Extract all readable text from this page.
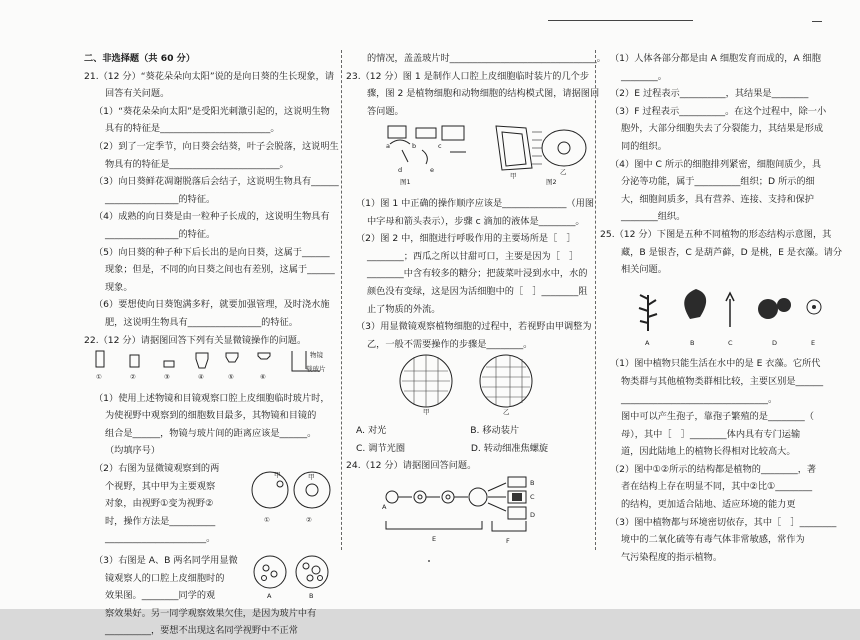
二、非选择题（共 60 分）

21.（12 分）“葵花朵朵向太阳”说的是向日葵的生长现象，请

回答有关问题。

（1）“葵花朵朵向太阳”是受阳光刺激引起的，这说明生物

具有的特征是________________________。

（2）到了一定季节，向日葵会结葵，叶子会脱落，这说明生

物具有的特征是________________________。

（3）向日葵鲜花凋谢脱落后会结子，这说明生物具有______

________________的特征。

（4）成熟的向日葵是由一粒种子长成的，这说明生物具有

________________的特征。

（5）向日葵的种子种下后长出的是向日葵，这属于______

现象；但是，不同的向日葵之间也有差别，这属于______

现象。

（6）要想使向日葵饱满多籽，就要加强管理，及时浇水施

肥，这说明生物具有________________的特征。

22.（12 分）请据图回答下列有关显微镜操作的问题。

①	②	③	④	⑤	⑥
物镜
载玻片

（1）使用上述物镜和目镜观察口腔上皮细胞临时玻片时，

为使视野中观察到的细胞数目最多，其物镜和目镜的

组合是______，物镜与玻片间的距离应该是______。

（均填序号）

（2）右图为显微镜观察到的两

个视野，其中甲为主要观察

对象，由视野①变为视野②

时，操作方法是__________

______________________。

①	②
甲	甲

（3）右图是 A、B 两名同学用显微

镜观察人的口腔上皮细胞时的

效果图。________同学的观

察效果好。另一同学观察效果欠佳，是因为玻片中有

__________，要想不出现这名同学视野中不正常

A	B

的情况，盖盖玻片时________________________________。

23.（12 分）图 1 是制作人口腔上皮细胞临时装片的几个步

骤，图 2 是植物细胞和动物细胞的结构模式图，请据图回

答问题。

图1	图2
a	b	c
d	e
甲	乙

（1）图 1 中正确的操作顺序应该是______________（用图

中字母和箭头表示），步骤 c 滴加的液体是________。

（2）图 2 中，细胞进行呼吸作用的主要场所是［　］

________；西瓜之所以甘甜可口，主要是因为［　］

________中含有较多的糖分；把菠菜叶浸到水中，水的

颜色没有变绿，这是因为活细胞中的［　］________阻

止了物质的外流。

（3）用显微镜观察植物细胞的过程中，若视野由甲调整为

乙，一般不需要操作的步骤是________。

甲	乙

A. 对光	B. 移动装片

C. 调节光圈	D. 转动细准焦螺旋

24.（12 分）请据图回答问题。

A
B
C
D
E	F

（1）人体各部分都是由 A 细胞发育而成的，A 细胞

________。

（2）E 过程表示__________，其结果是________

（3）F 过程表示__________。在这个过程中，除一小

胞外，大部分细胞失去了分裂能力，其结果是形成

同的组织。

（4）图中 C 所示的细胞排列紧密，细胞间质少，具

分泌等功能，属于__________组织；D 所示的细

大，细胞间质多，具有营养、连接、支持和保护

________组织。

25.（12 分）下图是五种不同植物的形态结构示意图，其

藏，B 是银杏，C 是葫芦藓，D 是桃，E 是衣藻。请分

相关问题。

A	B	C	D	E

（1）图中植物只能生活在水中的是 E 衣藻。它所代

物类群与其他植物类群相比较，主要区别是______

________________________________。

图中可以产生孢子，靠孢子繁殖的是________（

母），其中［　］________体内具有专门运输

道，因此陆地上的植物长得相对比较高大。

（2）图中①②所示的结构都是植物的________，著

者在结构上存在明显不同，其中②比①________

的结构，更加适合陆地、适应环境的能力更

（3）图中植物都与环境密切依存，其中［　］________

境中的二氧化硫等有毒气体非常敏感，常作为

气污染程度的指示植物。
